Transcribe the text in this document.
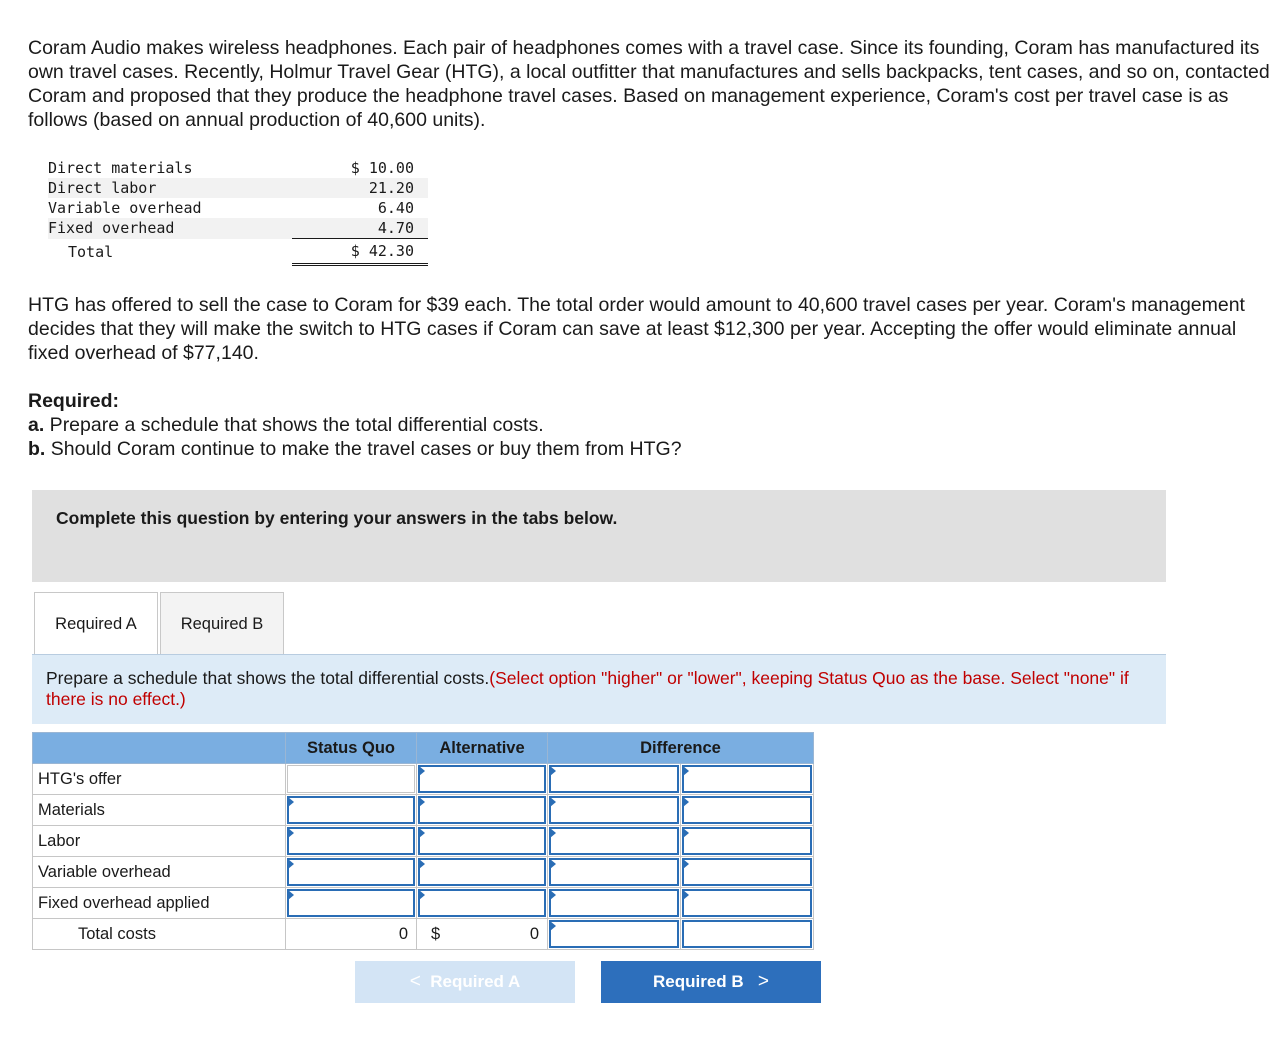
Coram Audio makes wireless headphones. Each pair of headphones comes with a travel case. Since its founding, Coram has manufactured its own travel cases. Recently, Holmur Travel Gear (HTG), a local outfitter that manufactures and sells backpacks, tent cases, and so on, contacted Coram and proposed that they produce the headphone travel cases. Based on management experience, Coram's cost per travel case is as follows (based on annual production of 40,600 units).

Direct materials	$ 10.00
Direct labor	21.20
Variable overhead	6.40
Fixed overhead	4.70
Total	$ 42.30

HTG has offered to sell the case to Coram for $39 each. The total order would amount to 40,600 travel cases per year. Coram's management decides that they will make the switch to HTG cases if Coram can save at least $12,300 per year. Accepting the offer would eliminate annual fixed overhead of $77,140.

Required:
a. Prepare a schedule that shows the total differential costs.
b. Should Coram continue to make the travel cases or buy them from HTG?
Complete this question by entering your answers in the tabs below.
Required A	Required B
Prepare a schedule that shows the total differential costs.(Select option "higher" or "lower", keeping Status Quo as the base. Select "none" if there is no effect.)
	Status Quo	Alternative	Difference	
HTG's offer	

Materials	

Labor	

Variable overhead	

Fixed overhead applied	

Total costs	0	$ 0		

< Required A	Required B >
